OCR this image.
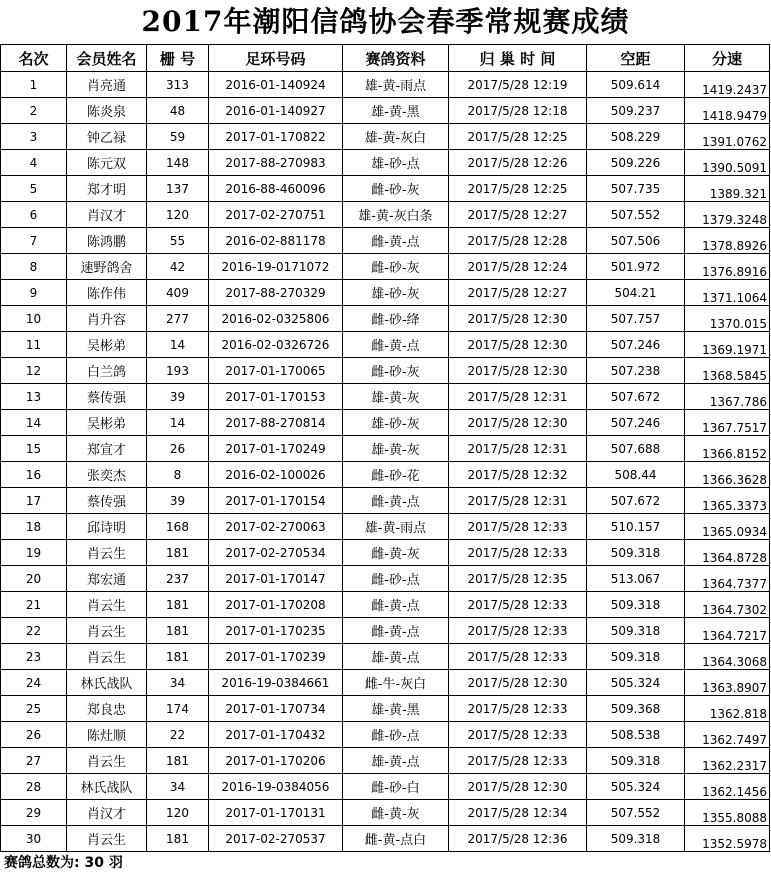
2017年潮阳信鸽协会春季常规赛成绩
名次	会员姓名	栅 号	足环号码	赛鸽资料	归 巢 时 间	空距	分速
1	肖亮通	313	2016-01-140924	雄-黄-雨点	2017/5/28 12:19	509.614	1419.2437
2	陈炎泉	48	2016-01-140927	雄-黄-黑	2017/5/28 12:18	509.237	1418.9479
3	钟乙禄	59	2017-01-170822	雄-黄-灰白	2017/5/28 12:25	508.229	1391.0762
4	陈元双	148	2017-88-270983	雄-砂-点	2017/5/28 12:26	509.226	1390.5091
5	郑才明	137	2016-88-460096	雌-砂-灰	2017/5/28 12:25	507.735	1389.321
6	肖汉才	120	2017-02-270751	雄-黄-灰白条	2017/5/28 12:27	507.552	1379.3248
7	陈鸿鹏	55	2016-02-881178	雌-黄-点	2017/5/28 12:28	507.506	1378.8926
8	速野鸽舍	42	2016-19-0171072	雌-砂-灰	2017/5/28 12:24	501.972	1376.8916
9	陈作伟	409	2017-88-270329	雄-砂-灰	2017/5/28 12:27	504.21	1371.1064
10	肖升容	277	2016-02-0325806	雌-砂-绛	2017/5/28 12:30	507.757	1370.015
11	吴彬弟	14	2016-02-0326726	雌-黄-点	2017/5/28 12:30	507.246	1369.1971
12	白兰鸽	193	2017-01-170065	雌-砂-灰	2017/5/28 12:30	507.238	1368.5845
13	蔡传强	39	2017-01-170153	雄-黄-灰	2017/5/28 12:31	507.672	1367.786
14	吴彬弟	14	2017-88-270814	雄-砂-灰	2017/5/28 12:30	507.246	1367.7517
15	郑宣才	26	2017-01-170249	雄-黄-灰	2017/5/28 12:31	507.688	1366.8152
16	张奕杰	8	2016-02-100026	雌-砂-花	2017/5/28 12:32	508.44	1366.3628
17	蔡传强	39	2017-01-170154	雌-黄-点	2017/5/28 12:31	507.672	1365.3373
18	邱诗明	168	2017-02-270063	雄-黄-雨点	2017/5/28 12:33	510.157	1365.0934
19	肖云生	181	2017-02-270534	雌-黄-灰	2017/5/28 12:33	509.318	1364.8728
20	郑宏通	237	2017-01-170147	雌-砂-点	2017/5/28 12:35	513.067	1364.7377
21	肖云生	181	2017-01-170208	雌-黄-点	2017/5/28 12:33	509.318	1364.7302
22	肖云生	181	2017-01-170235	雌-黄-点	2017/5/28 12:33	509.318	1364.7217
23	肖云生	181	2017-01-170239	雄-黄-点	2017/5/28 12:33	509.318	1364.3068
24	林氏战队	34	2016-19-0384661	雌-牛-灰白	2017/5/28 12:30	505.324	1363.8907
25	郑良忠	174	2017-01-170734	雄-黄-黑	2017/5/28 12:33	509.368	1362.818
26	陈灶顺	22	2017-01-170432	雌-砂-点	2017/5/28 12:33	508.538	1362.7497
27	肖云生	181	2017-01-170206	雄-黄-点	2017/5/28 12:33	509.318	1362.2317
28	林氏战队	34	2016-19-0384056	雌-砂-白	2017/5/28 12:30	505.324	1362.1456
29	肖汉才	120	2017-01-170131	雌-黄-灰	2017/5/28 12:34	507.552	1355.8088
30	肖云生	181	2017-02-270537	雌-黄-点白	2017/5/28 12:36	509.318	1352.5978
赛鸽总数为: 30 羽
